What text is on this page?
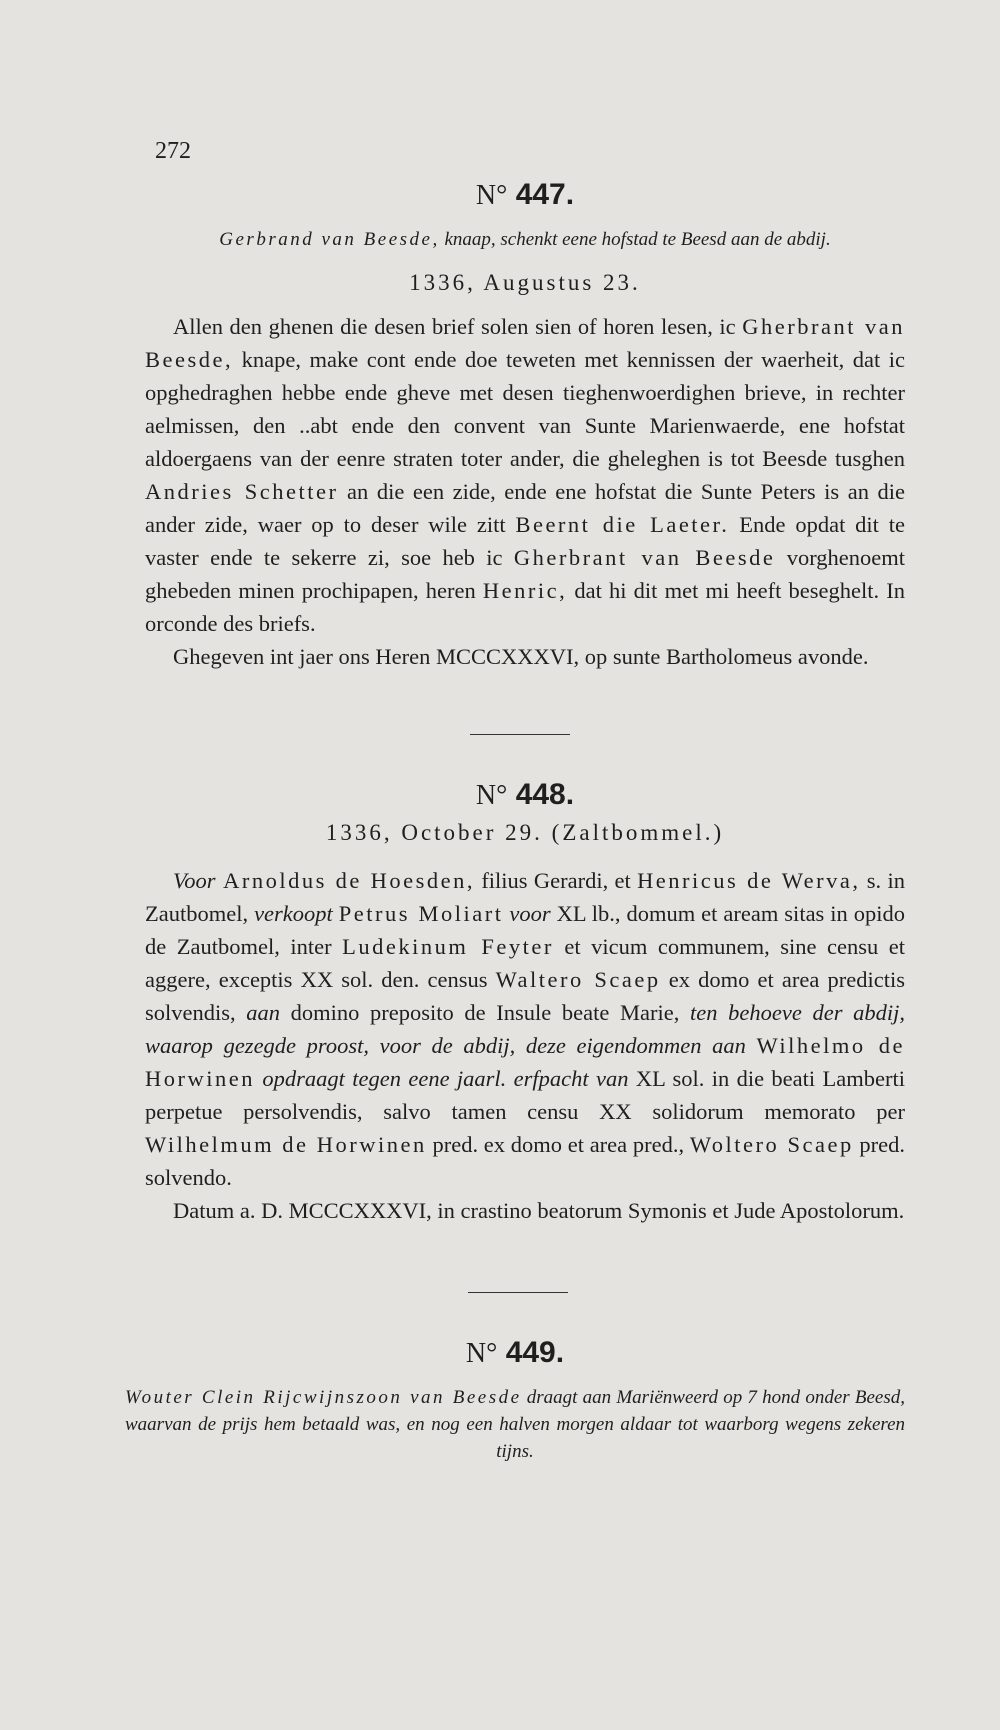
272
N° 447.
Gerbrand van Beesde, knaap, schenkt eene hofstad te Beesd aan de abdij.
1336, Augustus 23.

Allen den ghenen die desen brief solen sien of horen lesen, ic Gherbrant van Beesde, knape, make cont ende doe teweten met kennissen der waerheit, dat ic opghedraghen hebbe ende gheve met desen tieghenwoerdighen brieve, in rechter aelmissen, den ..abt ende den convent van Sunte Marienwaerde, ene hofstat aldoergaens van der eenre straten toter ander, die gheleghen is tot Beesde tusghen Andries Schetter an die een zide, ende ene hofstat die Sunte Peters is an die ander zide, waer op to deser wile zitt Beernt die Laeter. Ende opdat dit te vaster ende te sekerre zi, soe heb ic Gherbrant van Beesde vorghenoemt ghebeden minen prochipapen, heren Henric, dat hi dit met mi heeft beseghelt. In orconde des briefs.

Ghegeven int jaer ons Heren MCCCXXXVI, op sunte Bartholomeus avonde.

N° 448.
1336, October 29. (Zaltbommel.)

Voor Arnoldus de Hoesden, filius Gerardi, et Henricus de Werva, s. in Zautbomel, verkoopt Petrus Moliart voor XL lb., domum et aream sitas in opido de Zautbomel, inter Ludekinum Feyter et vicum communem, sine censu et aggere, exceptis XX sol. den. census Waltero Scaep ex domo et area predictis solvendis, aan domino preposito de Insule beate Marie, ten behoeve der abdij, waarop gezegde proost, voor de abdij, deze eigendommen aan Wilhelmo de Horwinen opdraagt tegen eene jaarl. erfpacht van XL sol. in die beati Lamberti perpetue persolvendis, salvo tamen censu XX solidorum memorato per Wilhelmum de Horwinen pred. ex domo et area pred., Woltero Scaep pred. solvendo.

Datum a. D. MCCCXXXVI, in crastino beatorum Symonis et Jude Apostolorum.

N° 449.
Wouter Clein Rijcwijnszoon van Beesde draagt aan Mariënweerd op 7 hond onder Beesd, waarvan de prijs hem betaald was, en nog een halven morgen aldaar tot waarborg wegens zekeren tijns.
